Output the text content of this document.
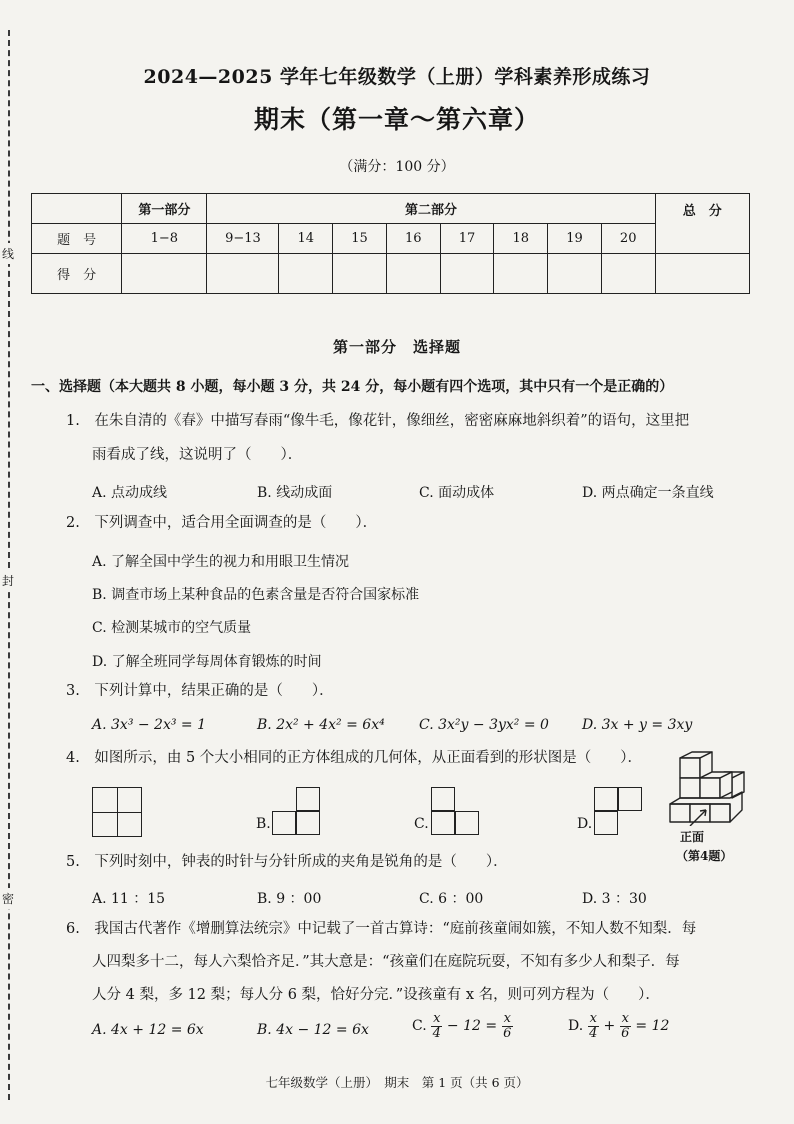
线
封
密
2024—2025 学年七年级数学（上册）学科素养形成练习
期末（第一章～第六章）
（满分：100 分）
	第一部分	第二部分								总　分
题　号	1−8	9−13	14	15	16	17	18	19	20	
得　分										
第一部分　选择题
一、选择题（本大题共 8 小题，每小题 3 分，共 24 分，每小题有四个选项，其中只有一个是正确的）
1.　在朱自清的《春》中描写春雨“像牛毛，像花针，像细丝，密密麻麻地斜织着”的语句，这里把
雨看成了线，这说明了（　　）．
A. 点动成线	B. 线动成面	C. 面动成体	D. 两点确定一条直线
2.　下列调查中，适合用全面调查的是（　　）．
A. 了解全国中学生的视力和用眼卫生情况
B. 调查市场上某种食品的色素含量是否符合国家标准
C. 检测某城市的空气质量
D. 了解全班同学每周体育锻炼的时间
3.　下列计算中，结果正确的是（　　）．
A. 3x³ − 2x³ = 1	B. 2x² + 4x² = 6x⁴ C. 3x²y − 3yx² = 0 D. 3x + y = 3xy
4.　如图所示，由 5 个大小相同的正方体组成的几何体，从正面看到的形状图是（　　）．
B.	C.	D.
正面
（第4题）
5.　下列时刻中，钟表的时针与分针所成的夹角是锐角的是（　　）．
A. 11 ：15	B. 9 ：00	C. 6 ：00	D. 3 ：30
6.　我国古代著作《增删算法统宗》中记载了一首古算诗：“庭前孩童闹如簇，不知人数不知梨．每
人四梨多十二，每人六梨恰齐足．”其大意是：“孩童们在庭院玩耍，不知有多少人和梨子．每
人分 4 梨，多 12 梨；每人分 6 梨，恰好分完．”设孩童有 x 名，则可列方程为（　　）．
A. 4x + 12 = 6x	B. 4x − 12 = 6x	C. $\frac{x}{4} - 12 = \frac{x}{6}$	D. $\frac{x}{4} + \frac{x}{6} = 12$
七年级数学（上册）　期末　第 1 页（共 6 页）
